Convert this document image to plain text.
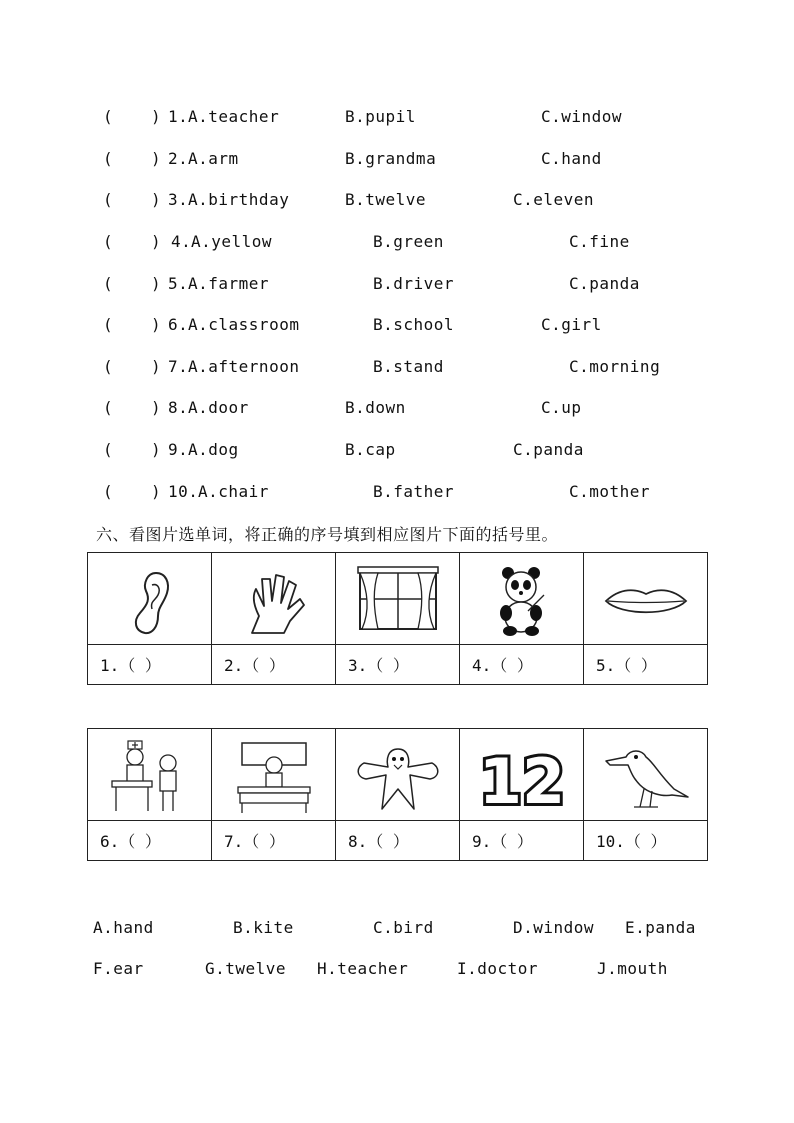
( ) 1. A.teacher	B.pupil	C.window
( ) 2. A.arm	B.grandma	C.hand
( ) 3. A.birthday	B.twelve	C.eleven
( ) 4. A.yellow	B.green	C.fine
( ) 5. A.farmer	B.driver	C.panda
( ) 6. A.classroom	B.school	C.girl
( ) 7. A.afternoon	B.stand	C.morning
( ) 8. A.door	B.down	C.up
( ) 9. A.dog	B.cap	C.panda
( ) 10. A.chair	B.father	C.mother
六、看图片选单词，将正确的序号填到相应图片下面的括号里。

1.（ ）	2.（ ）	3.（ ）	4.（ ）	5.（ ）

12

6.（ ）	7.（ ）	8.（ ）	9.（ ）	10.（ ）
A.hand	B.kite	C.bird	D.window E.panda
F.ear	G.twelve H.teacher	I.doctor	J.mouth
